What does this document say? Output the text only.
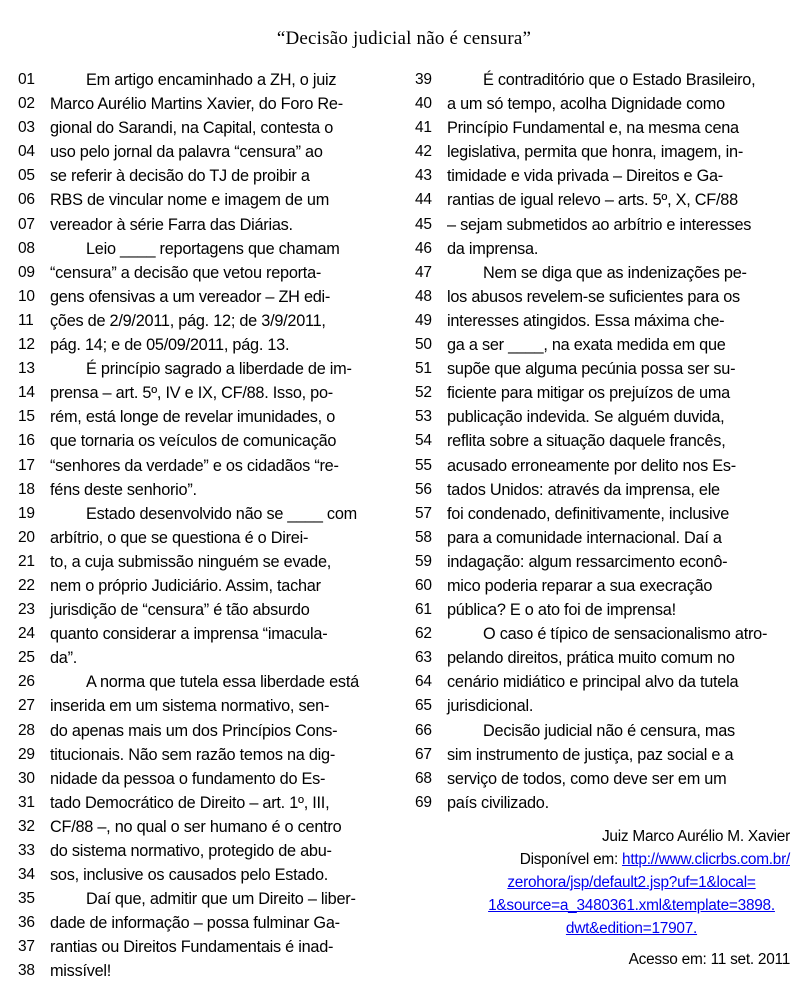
“Decisão judicial não é censura”
01
02
03
04
05
06
07
08
09
10
11
12
13
14
15
16
17
18
19
20
21
22
23
24
25
26
27
28
29
30
31
32
33
34
35
36
37
38
Em artigo encaminhado a ZH, o juiz
Marco Aurélio Martins Xavier, do Foro Re-
gional do Sarandi, na Capital, contesta o
uso pelo jornal da palavra “censura” ao
se referir à decisão do TJ de proibir a
RBS de vincular nome e imagem de um
vereador à série Farra das Diárias.
Leio ____ reportagens que chamam
“censura” a decisão que vetou reporta-
gens ofensivas a um vereador – ZH edi-
ções de 2/9/2011, pág. 12; de 3/9/2011,
pág. 14; e de 05/09/2011, pág. 13.
É princípio sagrado a liberdade de im-
prensa – art. 5º, IV e IX, CF/88. Isso, po-
rém, está longe de revelar imunidades, o
que tornaria os veículos de comunicação
“senhores da verdade” e os cidadãos “re-
féns deste senhorio”.
Estado desenvolvido não se ____ com
arbítrio, o que se questiona é o Direi-
to, a cuja submissão ninguém se evade,
nem o próprio Judiciário. Assim, tachar
jurisdição de “censura” é tão absurdo
quanto considerar a imprensa “imacula-
da”.
A norma que tutela essa liberdade está
inserida em um sistema normativo, sen-
do apenas mais um dos Princípios Cons-
titucionais. Não sem razão temos na dig-
nidade da pessoa o fundamento do Es-
tado Democrático de Direito – art. 1º, III,
CF/88 –, no qual o ser humano é o centro
do sistema normativo, protegido de abu-
sos, inclusive os causados pelo Estado.
Daí que, admitir que um Direito – liber-
dade de informação – possa fulminar Ga-
rantias ou Direitos Fundamentais é inad-
missível!
39
40
41
42
43
44
45
46
47
48
49
50
51
52
53
54
55
56
57
58
59
60
61
62
63
64
65
66
67
68
69
É contraditório que o Estado Brasileiro,
a um só tempo, acolha Dignidade como
Princípio Fundamental e, na mesma cena
legislativa, permita que honra, imagem, in-
timidade e vida privada – Direitos e Ga-
rantias de igual relevo – arts. 5º, X, CF/88
– sejam submetidos ao arbítrio e interesses
da imprensa.
Nem se diga que as indenizações pe-
los abusos revelem-se suficientes para os
interesses atingidos. Essa máxima che-
ga a ser ____, na exata medida em que
supõe que alguma pecúnia possa ser su-
ficiente para mitigar os prejuízos de uma
publicação indevida. Se alguém duvida,
reflita sobre a situação daquele francês,
acusado erroneamente por delito nos Es-
tados Unidos: através da imprensa, ele
foi condenado, definitivamente, inclusive
para a comunidade internacional. Daí a
indagação: algum ressarcimento econô-
mico poderia reparar a sua execração
pública? E o ato foi de imprensa!
O caso é típico de sensacionalismo atro-
pelando direitos, prática muito comum no
cenário midiático e principal alvo da tutela
jurisdicional.
Decisão judicial não é censura, mas
sim instrumento de justiça, paz social e a
serviço de todos, como deve ser em um
país civilizado.
Juiz Marco Aurélio M. Xavier
Disponível em: http://www.clicrbs.com.br/
zerohora/jsp/default2.jsp?uf=1&local=
1&source=a_3480361.xml&template=3898.
dwt&edition=17907.
Acesso em: 11 set. 2011
